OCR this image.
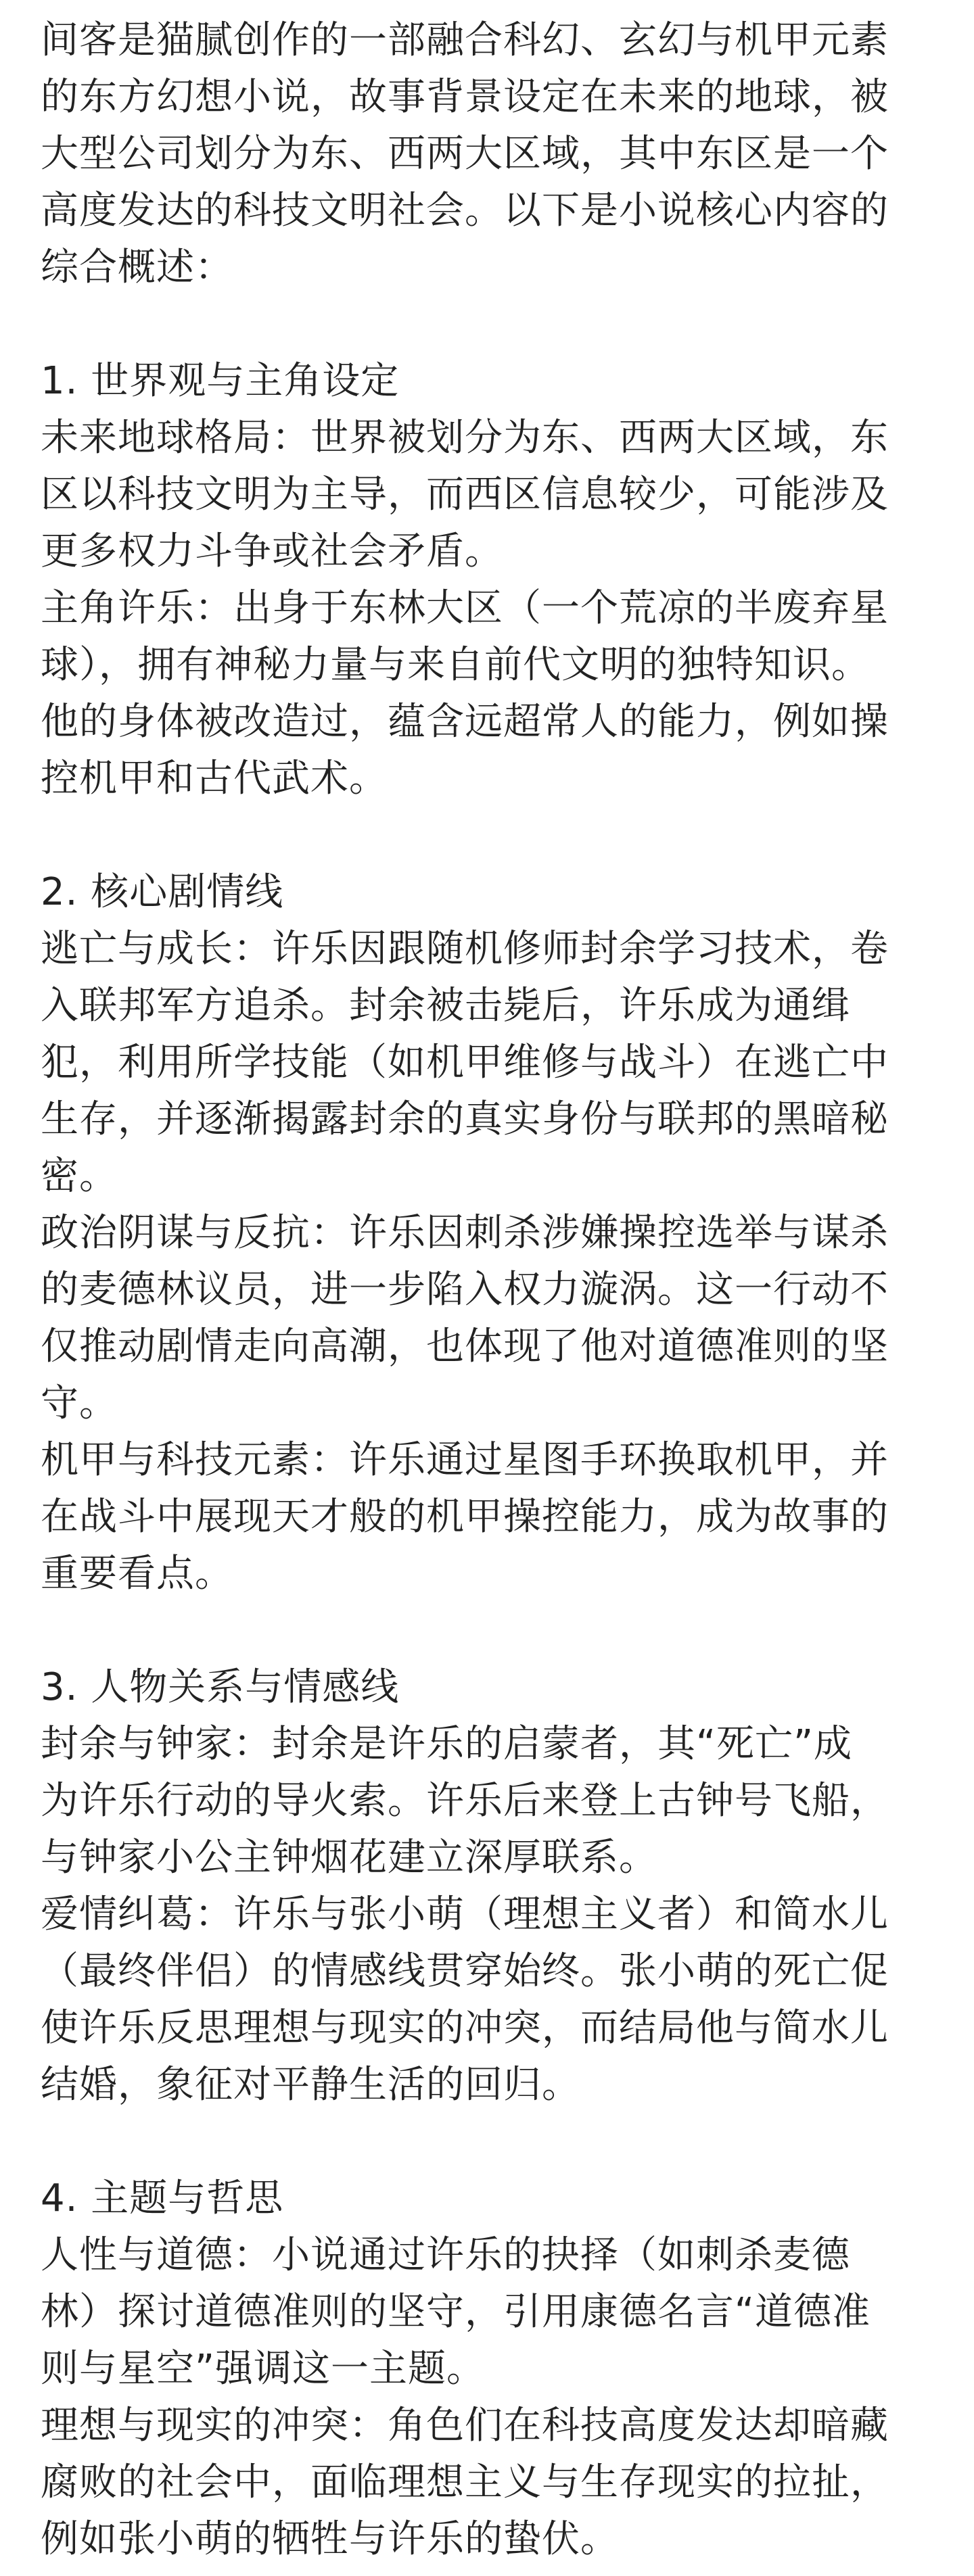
间客是猫腻创作的一部融合科幻、玄幻与机甲元素
的东方幻想小说，故事背景设定在未来的地球，被
大型公司划分为东、西两大区域，其中东区是一个
高度发达的科技文明社会。以下是小说核心内容的
综合概述：

1. 世界观与主角设定

未来地球格局：世界被划分为东、西两大区域，东
区以科技文明为主导，而西区信息较少，可能涉及
更多权力斗争或社会矛盾。

主角许乐：出身于东林大区（一个荒凉的半废弃星
球），拥有神秘力量与来自前代文明的独特知识。
他的身体被改造过，蕴含远超常人的能力，例如操
控机甲和古代武术。

2. 核心剧情线

逃亡与成长：许乐因跟随机修师封余学习技术，卷
入联邦军方追杀。封余被击毙后，许乐成为通缉
犯，利用所学技能（如机甲维修与战斗）在逃亡中
生存，并逐渐揭露封余的真实身份与联邦的黑暗秘
密。

政治阴谋与反抗：许乐因刺杀涉嫌操控选举与谋杀
的麦德林议员，进一步陷入权力漩涡。这一行动不
仅推动剧情走向高潮，也体现了他对道德准则的坚
守。

机甲与科技元素：许乐通过星图手环换取机甲，并
在战斗中展现天才般的机甲操控能力，成为故事的
重要看点。

3. 人物关系与情感线

封余与钟家：封余是许乐的启蒙者，其“死亡”成
为许乐行动的导火索。许乐后来登上古钟号飞船，
与钟家小公主钟烟花建立深厚联系。

爱情纠葛：许乐与张小萌（理想主义者）和简水儿
（最终伴侣）的情感线贯穿始终。张小萌的死亡促
使许乐反思理想与现实的冲突，而结局他与简水儿
结婚，象征对平静生活的回归。

4. 主题与哲思

人性与道德：小说通过许乐的抉择（如刺杀麦德
林）探讨道德准则的坚守，引用康德名言“道德准
则与星空”强调这一主题。

理想与现实的冲突：角色们在科技高度发达却暗藏
腐败的社会中，面临理想主义与生存现实的拉扯，
例如张小萌的牺牲与许乐的蛰伏。
